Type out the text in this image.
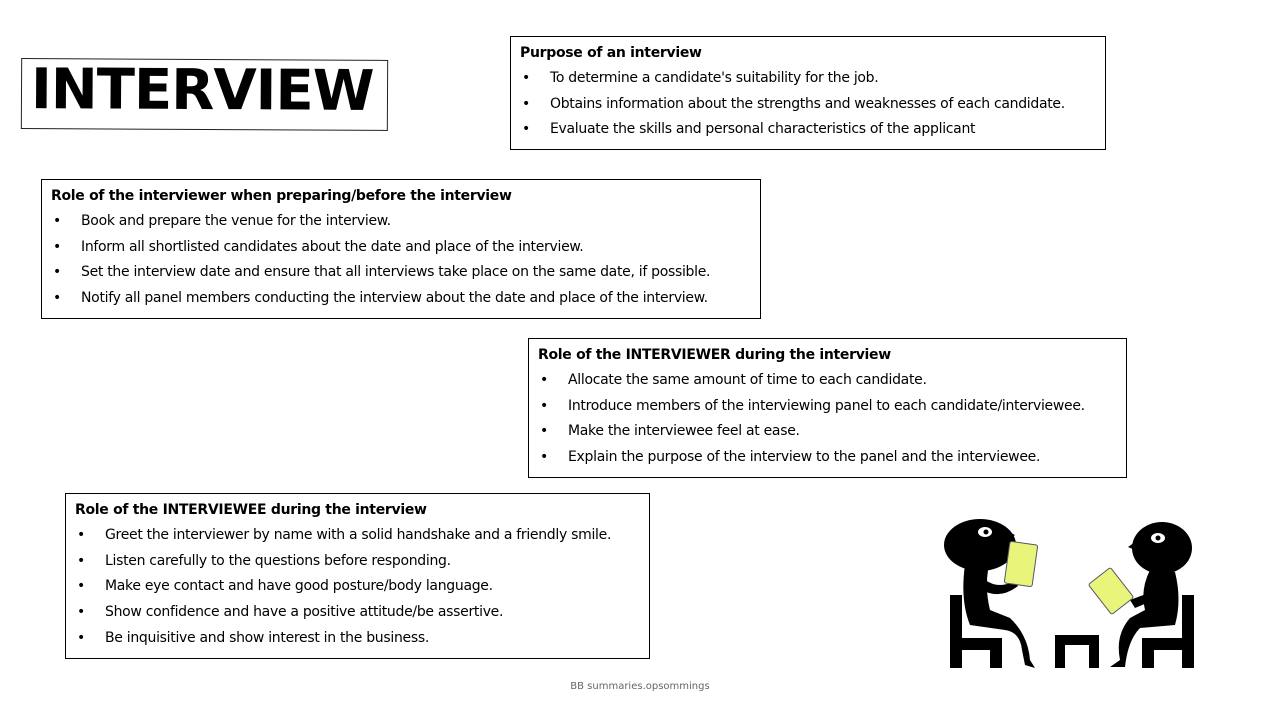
INTERVIEW
Purpose of an interview
• To determine a candidate's suitability for the job.
• Obtains information about the strengths and weaknesses of each candidate.
• Evaluate the skills and personal characteristics of the applicant
Role of the interviewer when preparing/before the interview
• Book and prepare the venue for the interview.
• Inform all shortlisted candidates about the date and place of the interview.
• Set the interview date and ensure that all interviews take place on the same date, if possible.
• Notify all panel members conducting the interview about the date and place of the interview.
Role of the INTERVIEWER during the interview
• Allocate the same amount of time to each candidate.
• Introduce members of the interviewing panel to each candidate/interviewee.
• Make the interviewee feel at ease.
• Explain the purpose of the interview to the panel and the interviewee.
Role of the INTERVIEWEE during the interview
• Greet the interviewer by name with a solid handshake and a friendly smile.
• Listen carefully to the questions before responding.
• Make eye contact and have good posture/body language.
• Show confidence and have a positive attitude/be assertive.
• Be inquisitive and show interest in the business.
BB summaries.opsommings
